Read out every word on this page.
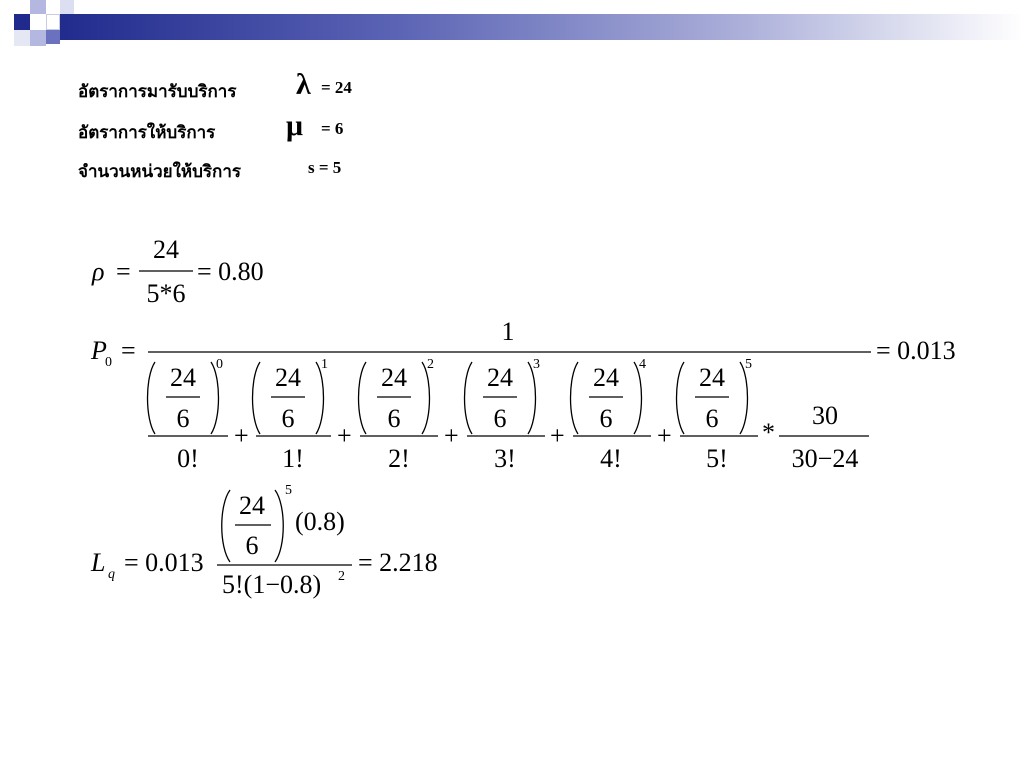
อัตราการมารับบริการ λ = 24
อัตราการให้บริการ μ = 6
จำนวนหน่วยให้บริการ	s = 5
ρ =
24
5*6
= 0.80
P
0 =
1
= 0.013
24
6
0
0!
+
24
6
1
1!
+
24
6
2
2!
+
24
6
3
3!
+
24
6
4
4!
+
24
6
5
5!
*
30
30−24
L q = 0.013
24
6
5
(0.8)
5!(1−0.8) 2 = 2.218
